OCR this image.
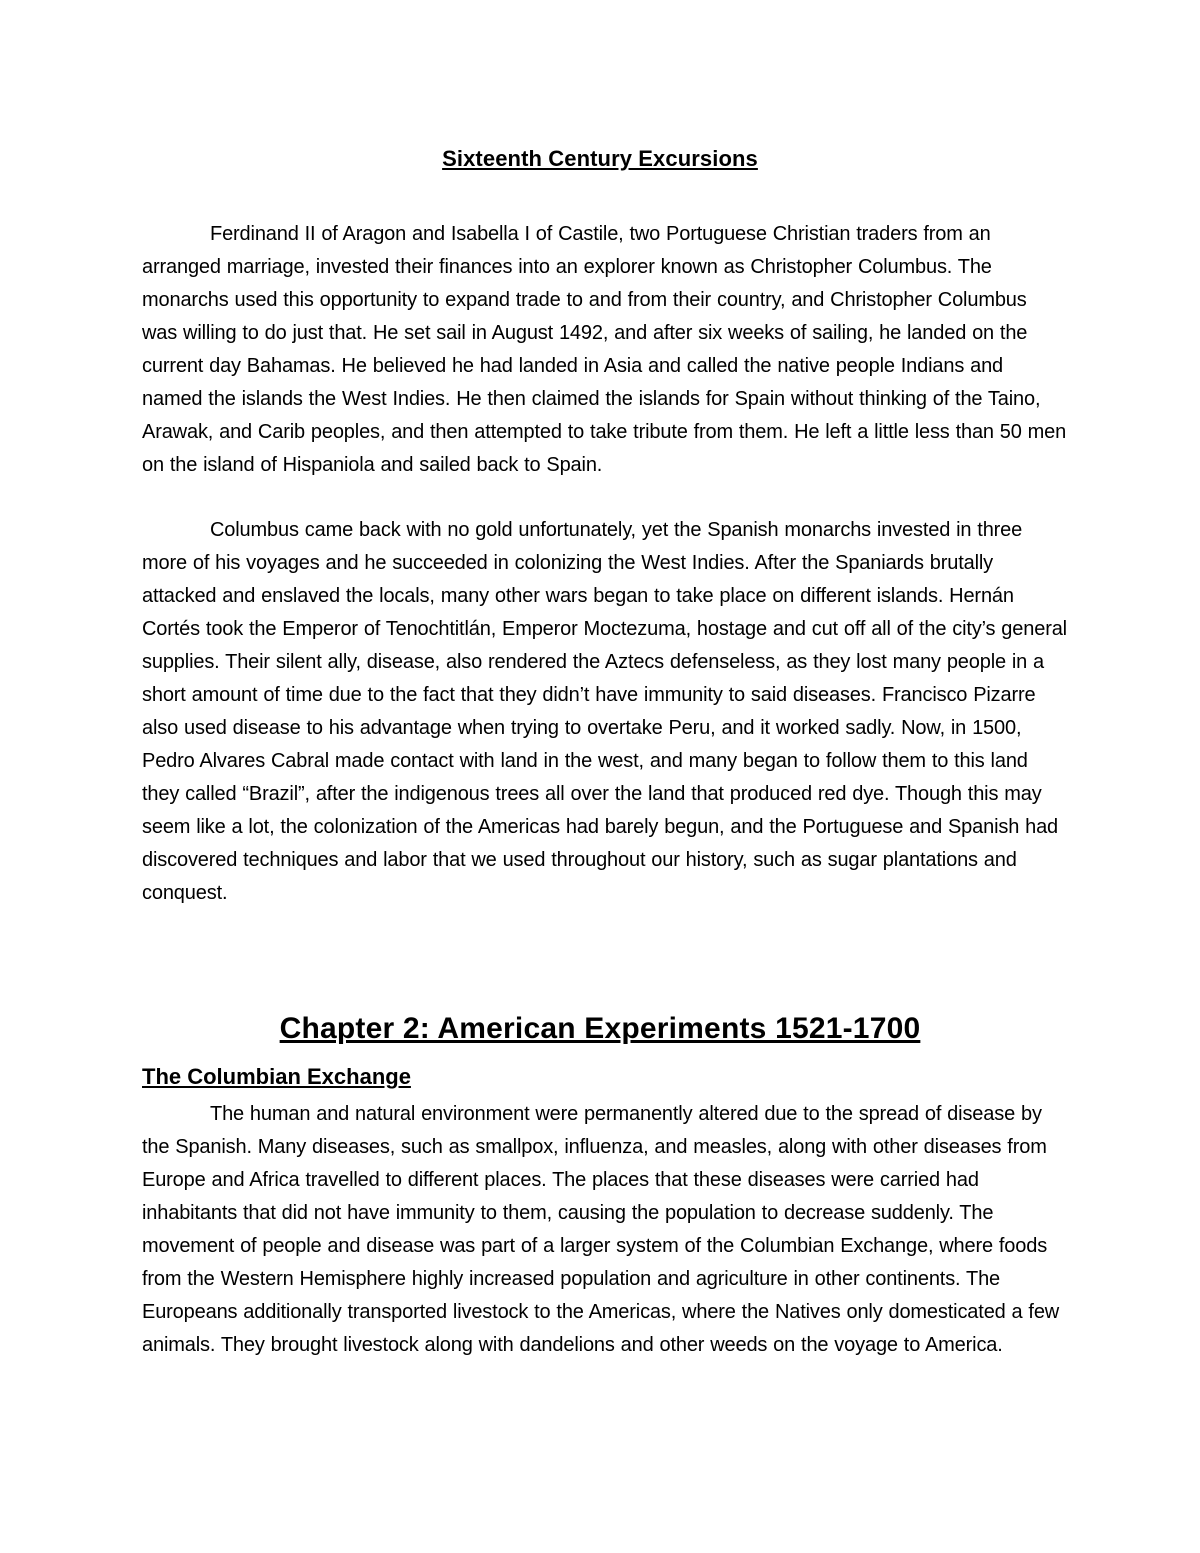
Sixteenth Century Excursions

Ferdinand II of Aragon and Isabella I of Castile, two Portuguese Christian traders from an arranged marriage, invested their finances into an explorer known as Christopher Columbus. The monarchs used this opportunity to expand trade to and from their country, and Christopher Columbus was willing to do just that. He set sail in August 1492, and after six weeks of sailing, he landed on the current day Bahamas. He believed he had landed in Asia and called the native people Indians and named the islands the West Indies. He then claimed the islands for Spain without thinking of the Taino, Arawak, and Carib peoples, and then attempted to take tribute from them. He left a little less than 50 men on the island of Hispaniola and sailed back to Spain.

Columbus came back with no gold unfortunately, yet the Spanish monarchs invested in three more of his voyages and he succeeded in colonizing the West Indies. After the Spaniards brutally attacked and enslaved the locals, many other wars began to take place on different islands. Hernán Cortés took the Emperor of Tenochtitlán, Emperor Moctezuma, hostage and cut off all of the city’s general supplies. Their silent ally, disease, also rendered the Aztecs defenseless, as they lost many people in a short amount of time due to the fact that they didn’t have immunity to said diseases. Francisco Pizarre also used disease to his advantage when trying to overtake Peru, and it worked sadly. Now, in 1500, Pedro Alvares Cabral made contact with land in the west, and many began to follow them to this land they called “Brazil”, after the indigenous trees all over the land that produced red dye. Though this may seem like a lot, the colonization of the Americas had barely begun, and the Portuguese and Spanish had discovered techniques and labor that we used throughout our history, such as sugar plantations and conquest.

Chapter 2: American Experiments 1521-1700
The Columbian Exchange

The human and natural environment were permanently altered due to the spread of disease by the Spanish. Many diseases, such as smallpox, influenza, and measles, along with other diseases from Europe and Africa travelled to different places. The places that these diseases were carried had inhabitants that did not have immunity to them, causing the population to decrease suddenly. The movement of people and disease was part of a larger system of the Columbian Exchange, where foods from the Western Hemisphere highly increased population and agriculture in other continents. The Europeans additionally transported livestock to the Americas, where the Natives only domesticated a few animals. They brought livestock along with dandelions and other weeds on the voyage to America.
